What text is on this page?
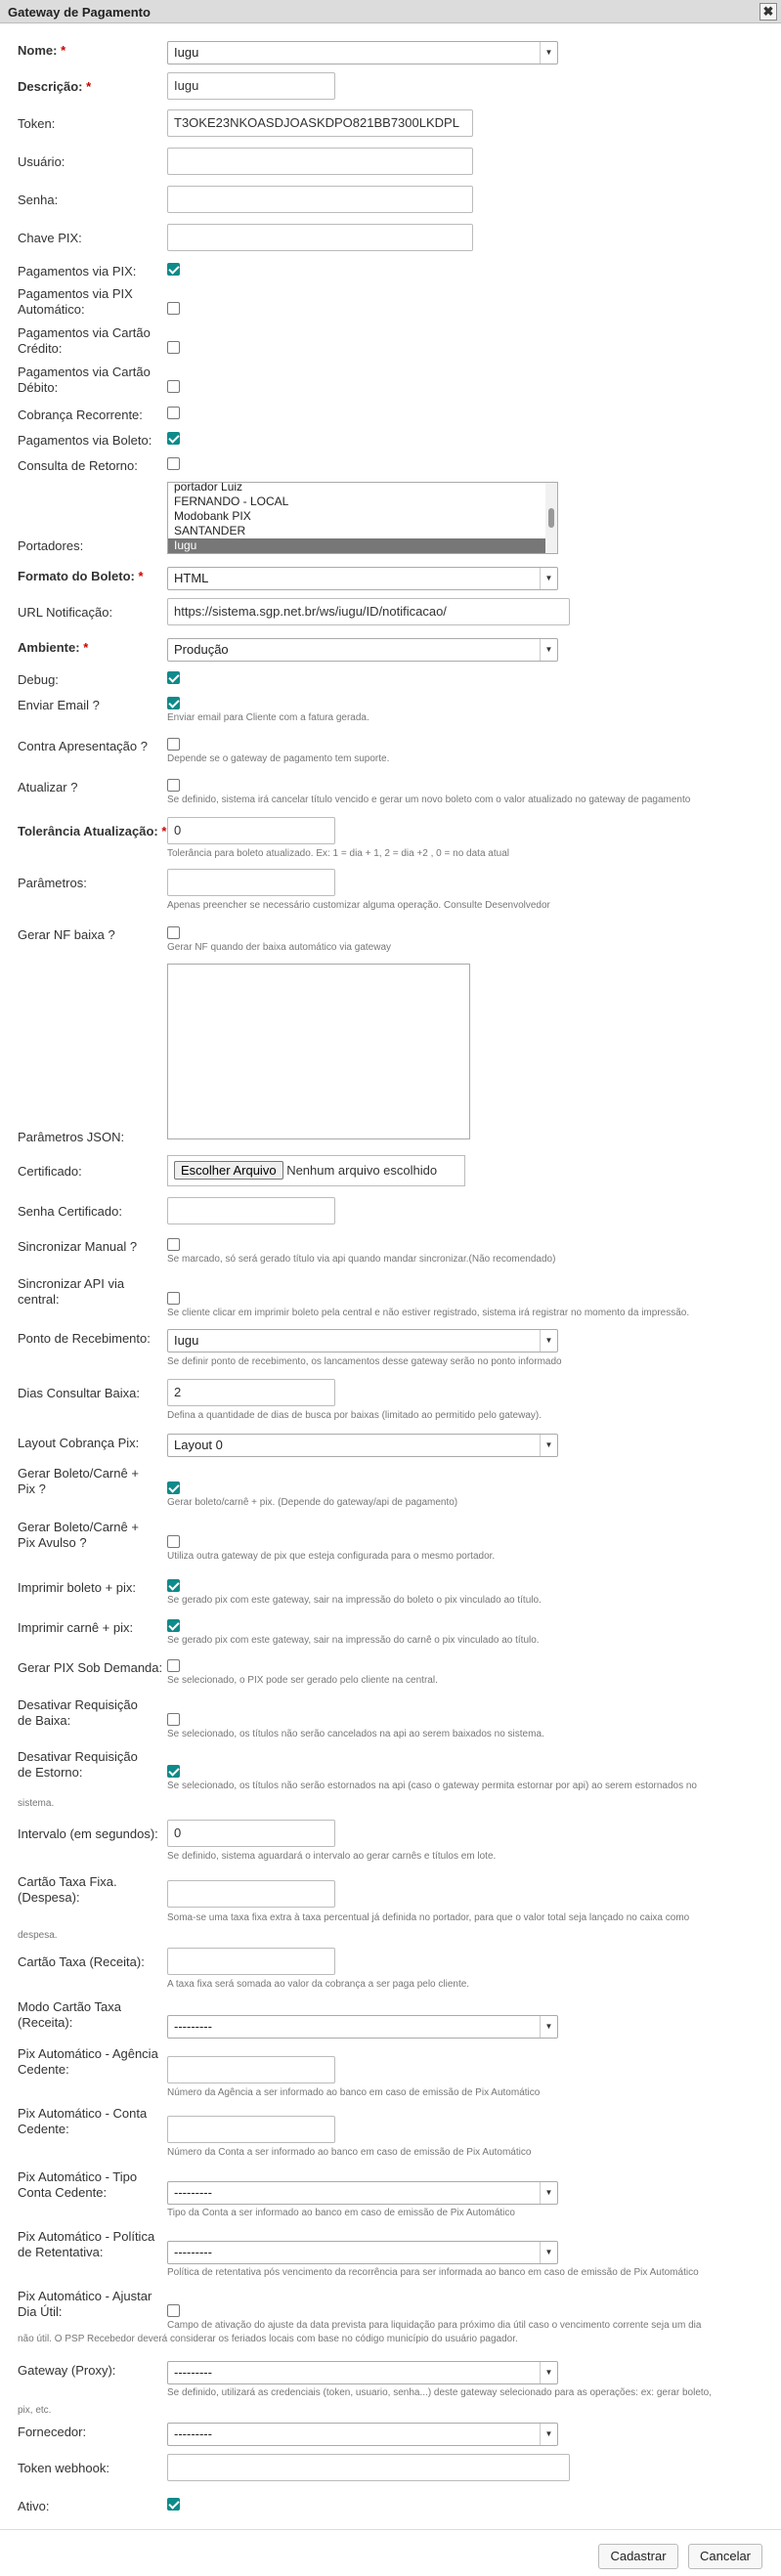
Gateway de Pagamento	✖
Nome: *	Iugu	▼
Descrição: *	Iugu
Token:	T3OKE23NKOASDJOASKDPO821BB7300LKDPL
Usuário:
Senha:
Chave PIX:
Pagamentos via PIX:
Pagamentos via PIX Automático:
Pagamentos via Cartão Crédito:
Pagamentos via Cartão Débito:
Cobrança Recorrente:
Pagamentos via Boleto:
Consulta de Retorno:
Portadores:
portador Luiz
FERNANDO - LOCAL
Modobank PIX
SANTANDER
Iugu
Formato do Boleto: *	HTML	▼
URL Notificação:	https://sistema.sgp.net.br/ws/iugu/ID/notificacao/
Ambiente: *	Produção	▼
Debug:
Enviar Email ?
Enviar email para Cliente com a fatura gerada.
Contra Apresentação ?
Depende se o gateway de pagamento tem suporte.
Atualizar ?
Se definido, sistema irá cancelar título vencido e gerar um novo boleto com o valor atualizado no gateway de pagamento
Tolerância Atualização: * 0
Tolerância para boleto atualizado. Ex: 1 = dia + 1, 2 = dia +2 , 0 = no data atual
Parâmetros:
Apenas preencher se necessário customizar alguma operação. Consulte Desenvolvedor
Gerar NF baixa ?
Gerar NF quando der baixa automático via gateway
Parâmetros JSON:
Certificado:	Escolher Arquivo Nenhum arquivo escolhido
Senha Certificado:
Sincronizar Manual ?
Se marcado, só será gerado título via api quando mandar sincronizar.(Não recomendado)
Sincronizar API via central:
Se cliente clicar em imprimir boleto pela central e não estiver registrado, sistema irá registrar no momento da impressão.
Ponto de Recebimento:	Iugu	▼
Se definir ponto de recebimento, os lancamentos desse gateway serão no ponto informado
Dias Consultar Baixa:	2
Defina a quantidade de dias de busca por baixas (limitado ao permitido pelo gateway).
Layout Cobrança Pix:	Layout 0	▼
Gerar Boleto/Carnê + Pix ?
Gerar boleto/carnê + pix. (Depende do gateway/api de pagamento)
Gerar Boleto/Carnê + Pix Avulso ?
Utiliza outra gateway de pix que esteja configurada para o mesmo portador.
Imprimir boleto + pix:
Se gerado pix com este gateway, sair na impressão do boleto o pix vinculado ao título.
Imprimir carnê + pix:
Se gerado pix com este gateway, sair na impressão do carnê o pix vinculado ao título.
Gerar PIX Sob Demanda:
Se selecionado, o PIX pode ser gerado pelo cliente na central.
Desativar Requisição de Baixa:
Se selecionado, os títulos não serão cancelados na api ao serem baixados no sistema.
Desativar Requisição de Estorno:
Se selecionado, os títulos não serão estornados na api (caso o gateway permita estornar por api) ao serem estornados no
sistema.
Intervalo (em segundos):	0
Se definido, sistema aguardará o intervalo ao gerar carnês e títulos em lote.
Cartão Taxa Fixa. (Despesa):
Soma-se uma taxa fixa extra à taxa percentual já definida no portador, para que o valor total seja lançado no caixa como
despesa.
Cartão Taxa (Receita):
A taxa fixa será somada ao valor da cobrança a ser paga pelo cliente.
Modo Cartão Taxa (Receita):	---------	▼
Pix Automático - Agência Cedente:
Número da Agência a ser informado ao banco em caso de emissão de Pix Automático
Pix Automático - Conta Cedente:
Número da Conta a ser informado ao banco em caso de emissão de Pix Automático
Pix Automático - Tipo Conta Cedente:	---------	▼
Tipo da Conta a ser informado ao banco em caso de emissão de Pix Automático
Pix Automático - Política de Retentativa:	---------	▼
Política de retentativa pós vencimento da recorrência para ser informada ao banco em caso de emissão de Pix Automático
Pix Automático - Ajustar Dia Útil:
Campo de ativação do ajuste da data prevista para liquidação para próximo dia útil caso o vencimento corrente seja um dia
não útil. O PSP Recebedor deverá considerar os feriados locais com base no código município do usuário pagador.
Gateway (Proxy):	---------	▼
Se definido, utilizará as credenciais (token, usuario, senha...) deste gateway selecionado para as operações: ex: gerar boleto,
pix, etc.
Fornecedor:	---------	▼
Token webhook:
Ativo:
Cadastrar	Cancelar
